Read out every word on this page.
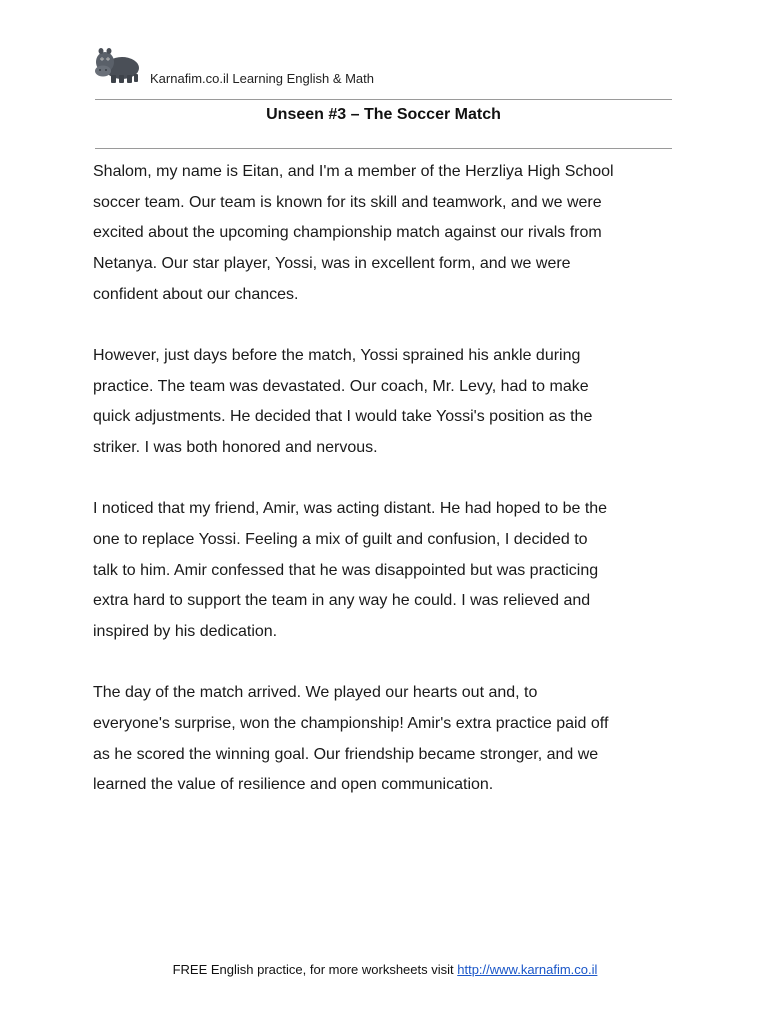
Karnafim.co.il Learning English & Math
Unseen #3 – The Soccer Match

Shalom, my name is Eitan, and I'm a member of the Herzliya High School
soccer team. Our team is known for its skill and teamwork, and we were
excited about the upcoming championship match against our rivals from
Netanya. Our star player, Yossi, was in excellent form, and we were
confident about our chances.

However, just days before the match, Yossi sprained his ankle during
practice. The team was devastated. Our coach, Mr. Levy, had to make
quick adjustments. He decided that I would take Yossi's position as the
striker. I was both honored and nervous.

I noticed that my friend, Amir, was acting distant. He had hoped to be the
one to replace Yossi. Feeling a mix of guilt and confusion, I decided to
talk to him. Amir confessed that he was disappointed but was practicing
extra hard to support the team in any way he could. I was relieved and
inspired by his dedication.

The day of the match arrived. We played our hearts out and, to
everyone's surprise, won the championship! Amir's extra practice paid off
as he scored the winning goal. Our friendship became stronger, and we
learned the value of resilience and open communication.

FREE English practice, for more worksheets visit http://www.karnafim.co.il
